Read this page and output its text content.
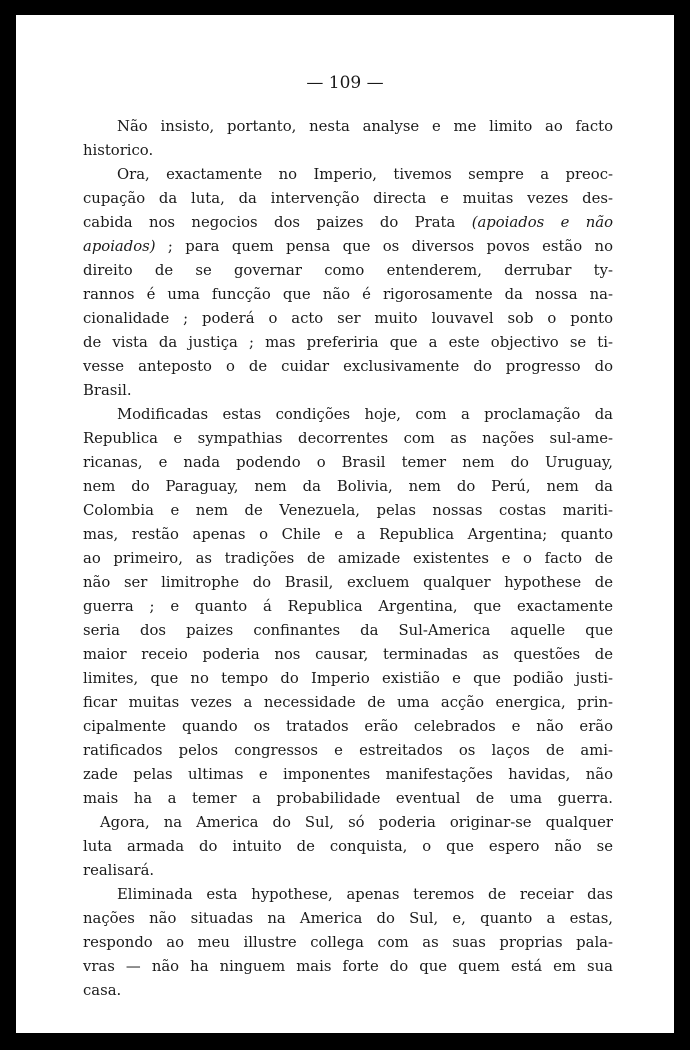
— 109 —
Não insisto, portanto, nesta analyse e me limito ao facto
historico.
Ora, exactamente no Imperio, tivemos sempre a preoc-
cupação da luta, da intervenção directa e muitas vezes des-
cabida nos negocios dos paizes do Prata (apoiados e não
apoiados) ; para quem pensa que os diversos povos estão no
direito de se governar como entenderem, derrubar ty-
rannos é uma funcção que não é rigorosamente da nossa na-
cionalidade ; poderá o acto ser muito louvavel sob o ponto
de vista da justiça ; mas preferiria que a este objectivo se ti-
vesse anteposto o de cuidar exclusivamente do progresso do
Brasil.
Modificadas estas condições hoje, com a proclamação da
Republica e sympathias decorrentes com as nações sul-ame-
ricanas, e nada podendo o Brasil temer nem do Uruguay,
nem do Paraguay, nem da Bolivia, nem do Perú, nem da
Colombia e nem de Venezuela, pelas nossas costas mariti-
mas, restão apenas o Chile e a Republica Argentina; quanto
ao primeiro, as tradições de amizade existentes e o facto de
não ser limitrophe do Brasil, excluem qualquer hypothese de
guerra ; e quanto á Republica Argentina, que exactamente
seria dos paizes confinantes da Sul-America aquelle que
maior receio poderia nos causar, terminadas as questões de
limites, que no tempo do Imperio existião e que podião justi-
ficar muitas vezes a necessidade de uma acção energica, prin-
cipalmente quando os tratados erão celebrados e não erão
ratificados pelos congressos e estreitados os laços de ami-
zade pelas ultimas e imponentes manifestações havidas, não
mais ha a temer a probabilidade eventual de uma guerra.
Agora, na America do Sul, só poderia originar-se qualquer
luta armada do intuito de conquista, o que espero não se
realisará.
Eliminada esta hypothese, apenas teremos de receiar das
nações não situadas na America do Sul, e, quanto a estas,
respondo ao meu illustre collega com as suas proprias pala-
vras — não ha ninguem mais forte do que quem está em sua
casa.
